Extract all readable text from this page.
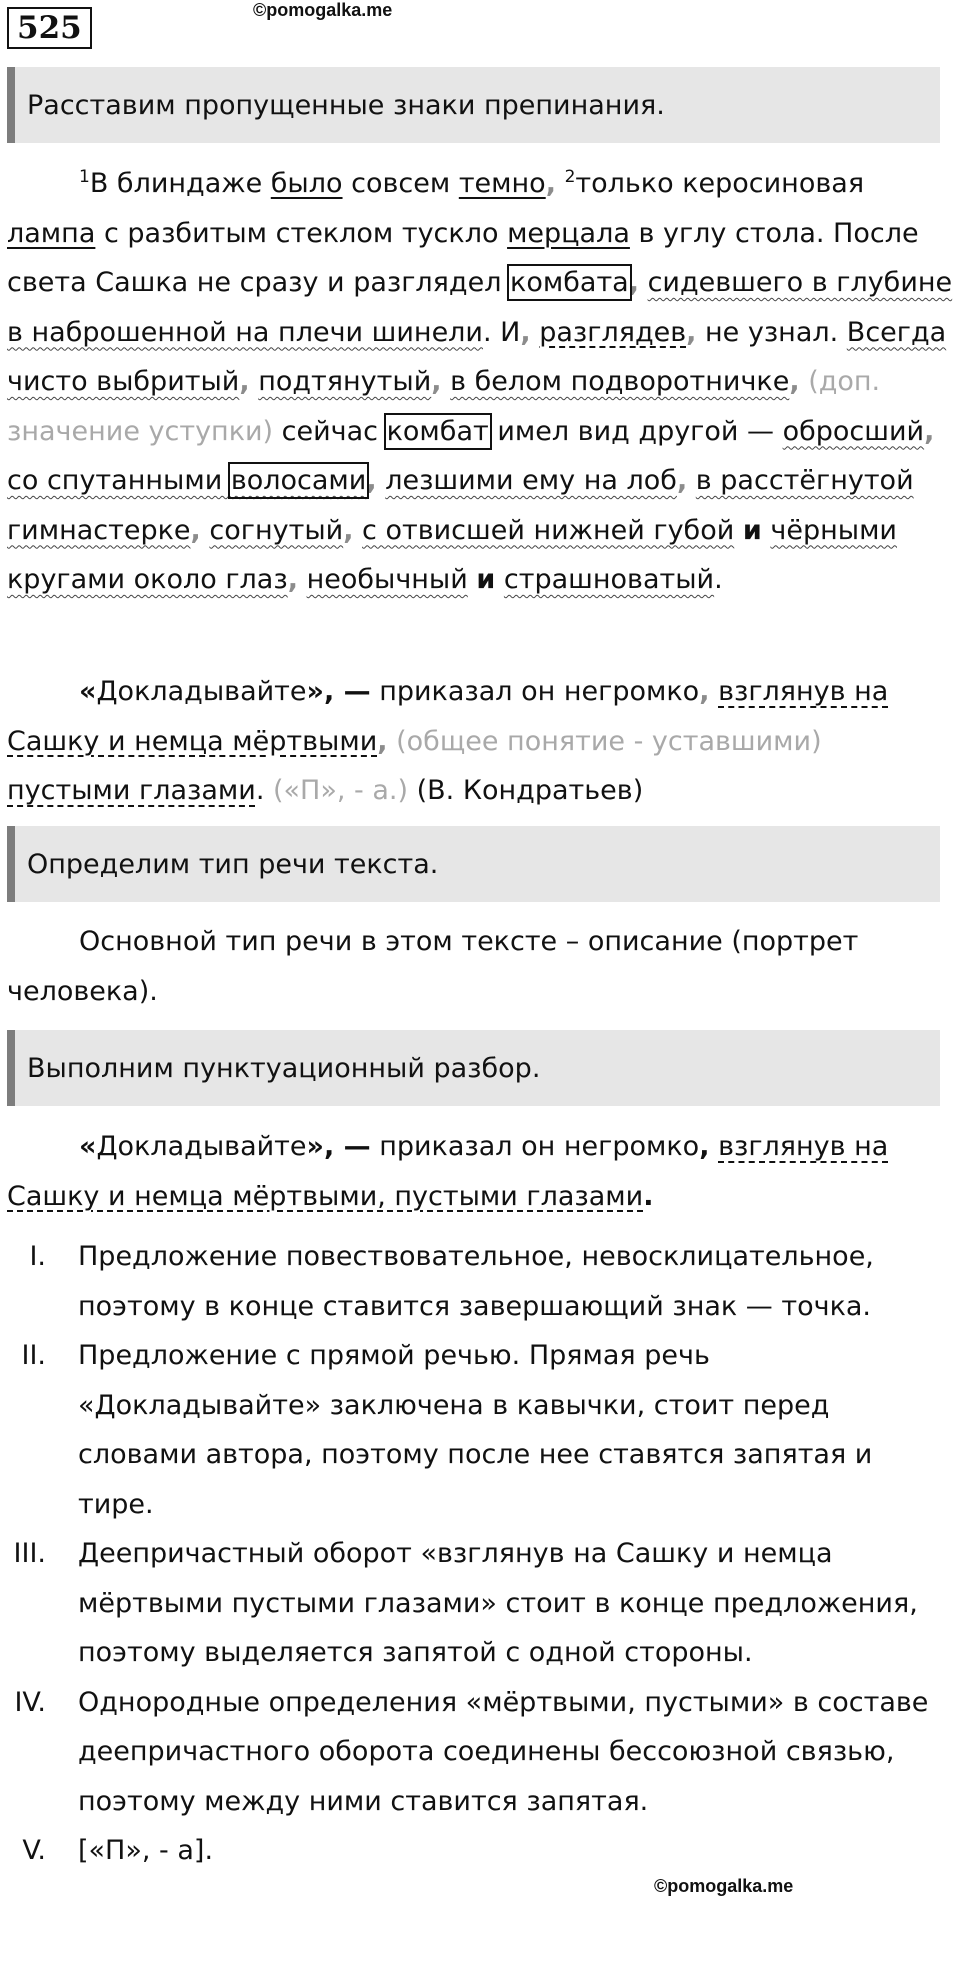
525	©pomogalka.me
Расставим пропущенные знаки препинания.
$^1$В блиндаже было совсем темно, $^2$только керосиновая лампа с разбитым стеклом тускло мерцала в углу стола. После света Сашка не сразу и разглядел комбата, сидевшего в глубине в наброшенной на плечи шинели. И, разглядев, не узнал. Всегда чисто выбритый, подтянутый, в белом подворотничке, (доп. значение уступки) сейчас комбат имел вид другой — обросший, со спутанными волосами, лезшими ему на лоб, в расстёгнутой гимнастерке, согнутый, с отвисшей нижней губой и чёрными кругами около глаз, необычный и страшноватый.
«Докладывайте», — приказал он негромко, взглянув на Сашку и немца мёртвыми, (общее понятие - уставшими) пустыми глазами. («П», - а.) (В. Кондратьев)
Определим тип речи текста.
Основной тип речи в этом тексте – описание (портрет человека).
Выполним пунктуационный разбор.
«Докладывайте», — приказал он негромко, взглянув на Сашку и немца мёртвыми, пустыми глазами.
I. Предложение повествовательное, невосклицательное, поэтому в конце ставится завершающий знак — точка.
II. Предложение с прямой речью. Прямая речь «Докладывайте» заключена в кавычки, стоит перед словами автора, поэтому после нее ставятся запятая и тире.
III. Деепричастный оборот «взглянув на Сашку и немца мёртвыми пустыми глазами» стоит в конце предложения, поэтому выделяется запятой с одной стороны.
IV. Однородные определения «мёртвыми, пустыми» в составе деепричастного оборота соединены бессоюзной связью, поэтому между ними ставится запятая.
V. [«П», - а].
©pomogalka.me
